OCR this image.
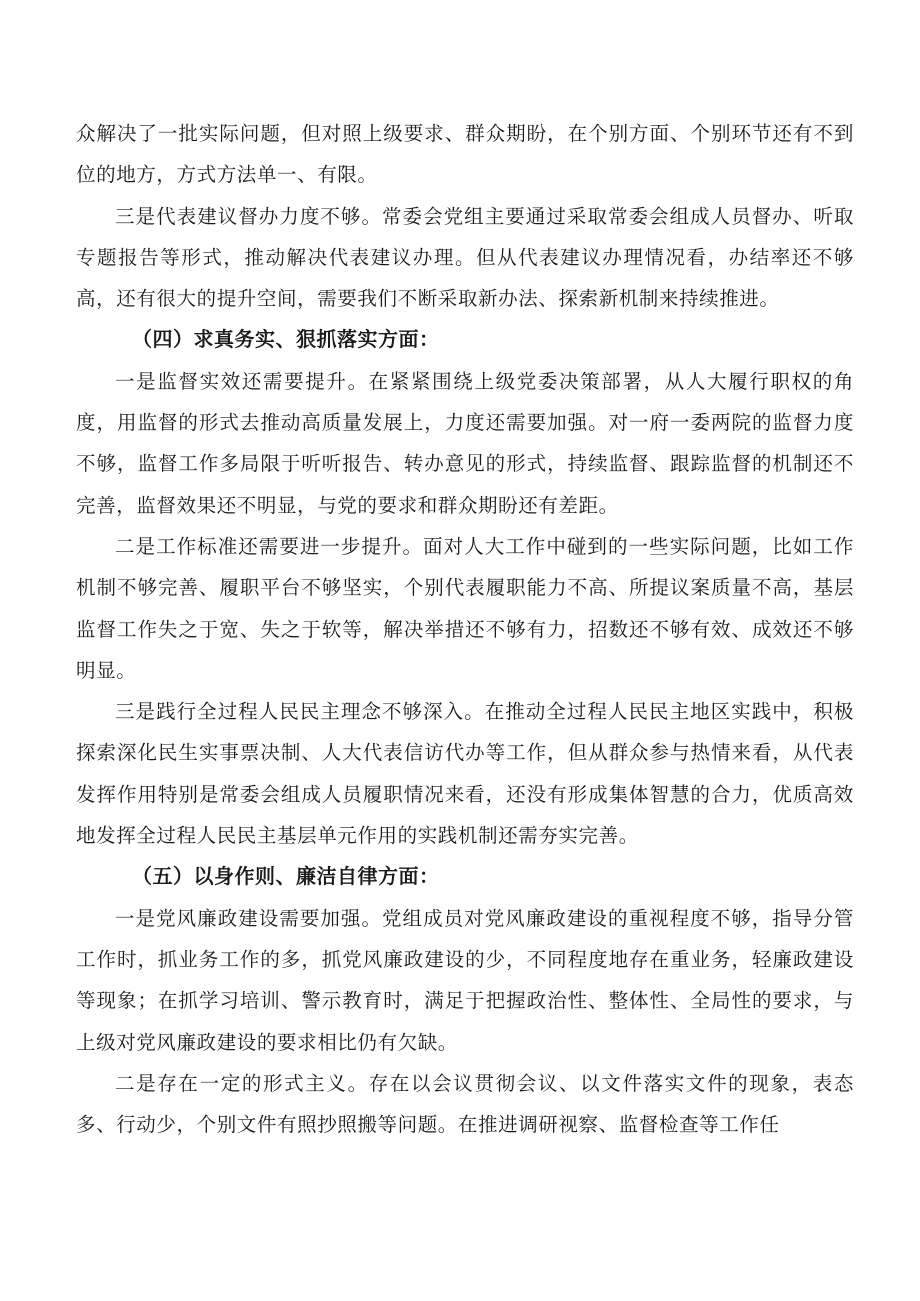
众解决了一批实际问题，但对照上级要求、群众期盼，在个别方面、个别环节还有不到位的地方，方式方法单一、有限。

三是代表建议督办力度不够。常委会党组主要通过采取常委会组成人员督办、听取专题报告等形式，推动解决代表建议办理。但从代表建议办理情况看，办结率还不够高，还有很大的提升空间，需要我们不断采取新办法、探索新机制来持续推进。

（四）求真务实、狠抓落实方面：

一是监督实效还需要提升。在紧紧围绕上级党委决策部署，从人大履行职权的角度，用监督的形式去推动高质量发展上，力度还需要加强。对一府一委两院的监督力度不够，监督工作多局限于听听报告、转办意见的形式，持续监督、跟踪监督的机制还不完善，监督效果还不明显，与党的要求和群众期盼还有差距。

二是工作标准还需要进一步提升。面对人大工作中碰到的一些实际问题，比如工作机制不够完善、履职平台不够坚实，个别代表履职能力不高、所提议案质量不高，基层监督工作失之于宽、失之于软等，解决举措还不够有力，招数还不够有效、成效还不够明显。

三是践行全过程人民民主理念不够深入。在推动全过程人民民主地区实践中，积极探索深化民生实事票决制、人大代表信访代办等工作，但从群众参与热情来看，从代表发挥作用特别是常委会组成人员履职情况来看，还没有形成集体智慧的合力，优质高效地发挥全过程人民民主基层单元作用的实践机制还需夯实完善。

（五）以身作则、廉洁自律方面：

一是党风廉政建设需要加强。党组成员对党风廉政建设的重视程度不够，指导分管工作时，抓业务工作的多，抓党风廉政建设的少，不同程度地存在重业务，轻廉政建设等现象；在抓学习培训、警示教育时，满足于把握政治性、整体性、全局性的要求，与上级对党风廉政建设的要求相比仍有欠缺。

二是存在一定的形式主义。存在以会议贯彻会议、以文件落实文件的现象，表态多、行动少，个别文件有照抄照搬等问题。在推进调研视察、监督检查等工作任
